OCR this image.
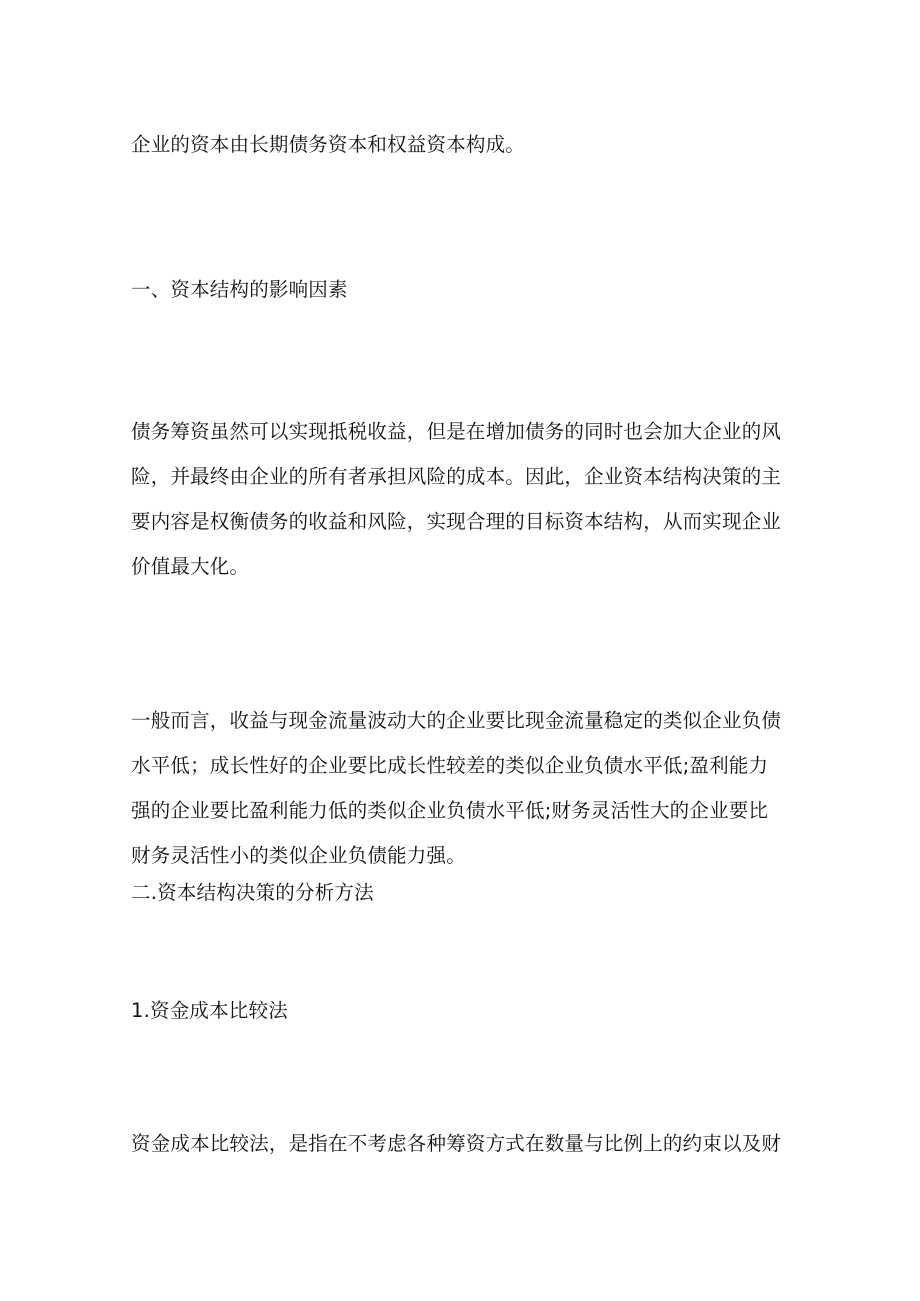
企业的资本由长期债务资本和权益资本构成。
一、资本结构的影响因素
债务筹资虽然可以实现抵税收益，但是在增加债务的同时也会加大企业的风
险，并最终由企业的所有者承担风险的成本。因此，企业资本结构决策的主
要内容是权衡债务的收益和风险，实现合理的目标资本结构，从而实现企业
价值最大化。
一般而言，收益与现金流量波动大的企业要比现金流量稳定的类似企业负债
水平低；成长性好的企业要比成长性较差的类似企业负债水平低;盈利能力
强的企业要比盈利能力低的类似企业负债水平低;财务灵活性大的企业要比
财务灵活性小的类似企业负债能力强。
二.资本结构决策的分析方法
1.资金成本比较法
资金成本比较法，是指在不考虑各种筹资方式在数量与比例上的约束以及财
